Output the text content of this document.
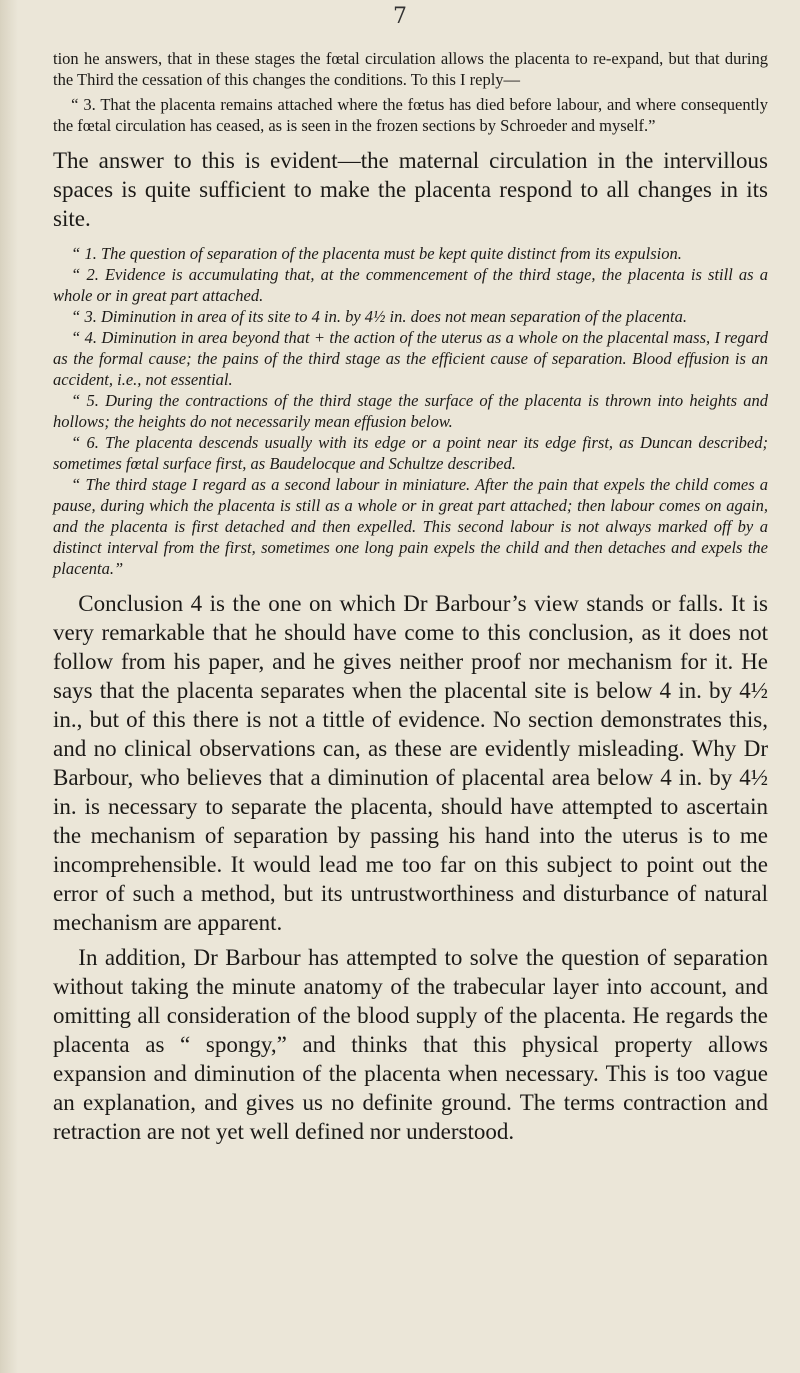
7

tion he answers, that in these stages the fœtal circulation allows the placenta to re-expand, but that during the Third the cessation of this changes the conditions. To this I reply—

“ 3. That the placenta remains attached where the fœtus has died before labour, and where consequently the fœtal circulation has ceased, as is seen in the frozen sections by Schroeder and myself.”

The answer to this is evident—the maternal circulation in the intervillous spaces is quite sufficient to make the placenta respond to all changes in its site.

“ 1. The question of separation of the placenta must be kept quite distinct from its expulsion.

“ 2. Evidence is accumulating that, at the commencement of the third stage, the placenta is still as a whole or in great part attached.

“ 3. Diminution in area of its site to 4 in. by 4½ in. does not mean separation of the placenta.

“ 4. Diminution in area beyond that + the action of the uterus as a whole on the placental mass, I regard as the formal cause; the pains of the third stage as the efficient cause of separation. Blood effusion is an accident, i.e., not essential.

“ 5. During the contractions of the third stage the surface of the placenta is thrown into heights and hollows; the heights do not necessarily mean effusion below.

“ 6. The placenta descends usually with its edge or a point near its edge first, as Duncan described; sometimes fœtal surface first, as Baudelocque and Schultze described.

“ The third stage I regard as a second labour in miniature. After the pain that expels the child comes a pause, during which the placenta is still as a whole or in great part attached; then labour comes on again, and the placenta is first detached and then expelled. This second labour is not always marked off by a distinct interval from the first, sometimes one long pain expels the child and then detaches and expels the placenta.”

Conclusion 4 is the one on which Dr Barbour’s view stands or falls. It is very remarkable that he should have come to this conclusion, as it does not follow from his paper, and he gives neither proof nor mechanism for it. He says that the placenta separates when the placental site is below 4 in. by 4½ in., but of this there is not a tittle of evidence. No section demonstrates this, and no clinical observations can, as these are evidently misleading. Why Dr Barbour, who believes that a diminution of placental area below 4 in. by 4½ in. is necessary to separate the placenta, should have attempted to ascertain the mechanism of separation by passing his hand into the uterus is to me incomprehensible. It would lead me too far on this subject to point out the error of such a method, but its untrustworthiness and disturbance of natural mechanism are apparent.

In addition, Dr Barbour has attempted to solve the question of separation without taking the minute anatomy of the trabecular layer into account, and omitting all consideration of the blood supply of the placenta. He regards the placenta as “ spongy,” and thinks that this physical property allows expansion and diminution of the placenta when necessary. This is too vague an explanation, and gives us no definite ground. The terms contraction and retraction are not yet well defined nor understood.
